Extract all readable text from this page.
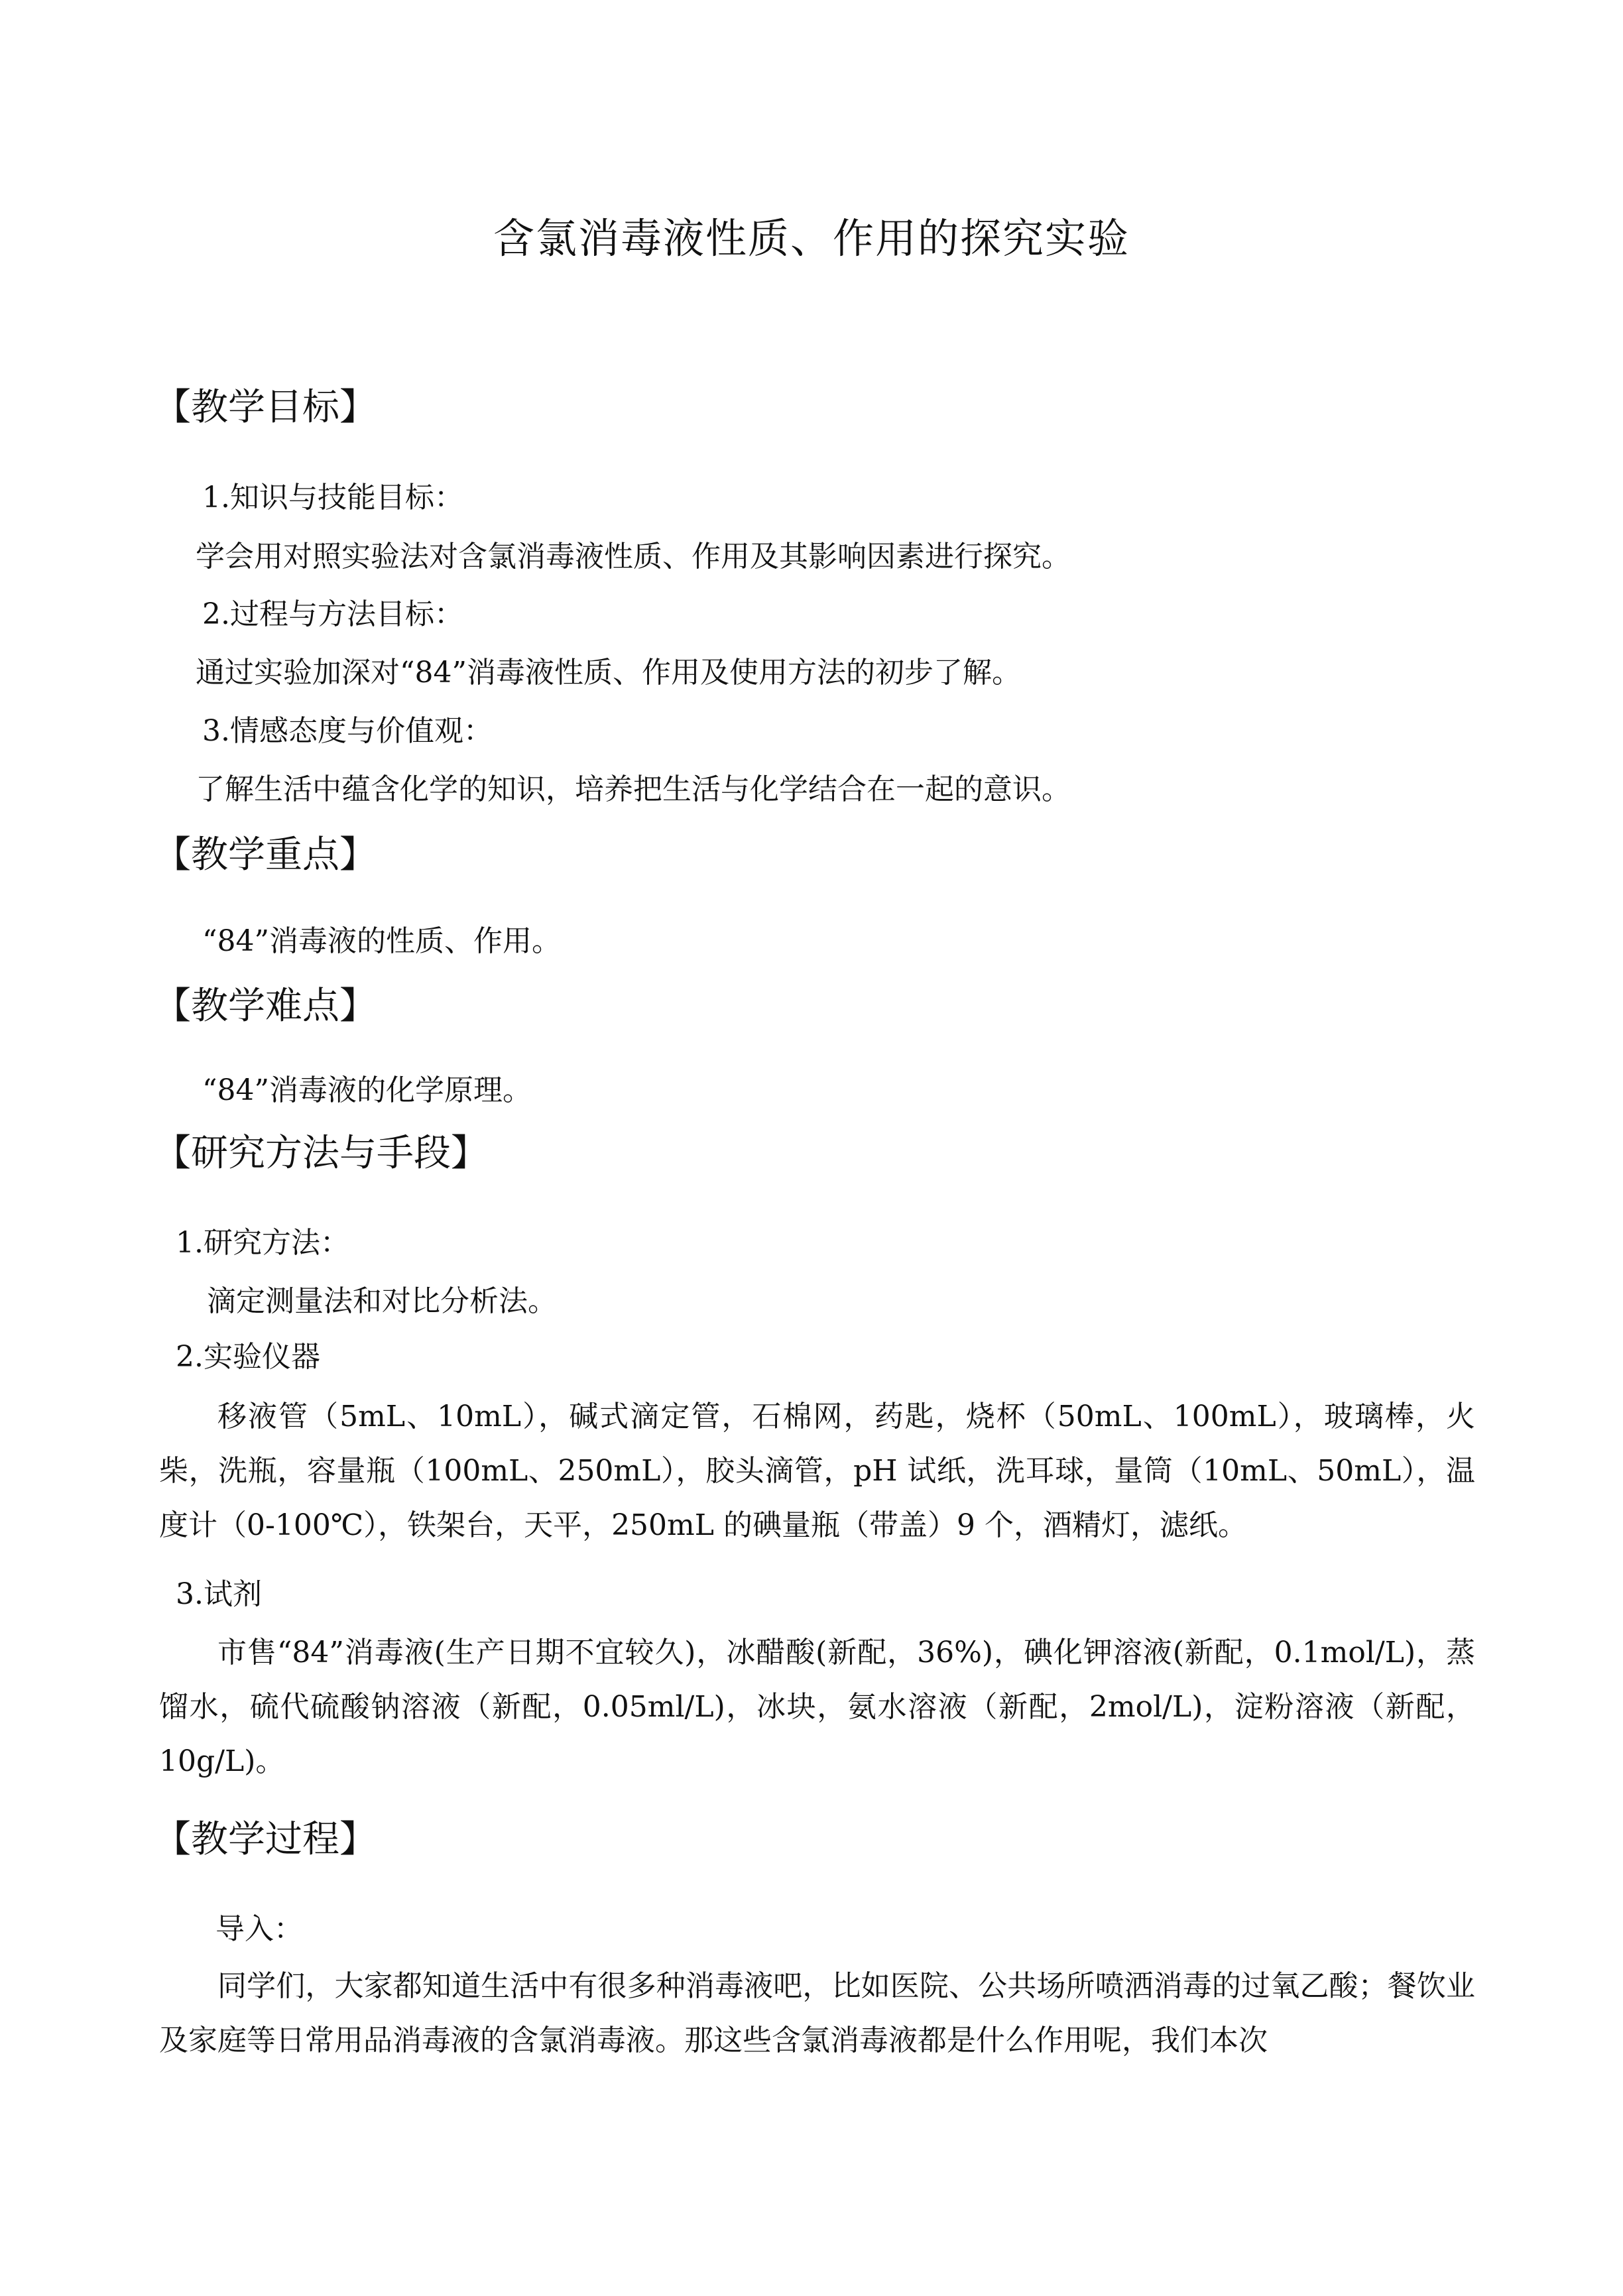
含氯消毒液性质、作用的探究实验
【教学目标】

1.知识与技能目标：

学会用对照实验法对含氯消毒液性质、作用及其影响因素进行探究。

2.过程与方法目标：

通过实验加深对“84”消毒液性质、作用及使用方法的初步了解。

3.情感态度与价值观：

了解生活中蕴含化学的知识，培养把生活与化学结合在一起的意识。

【教学重点】

“84”消毒液的性质、作用。

【教学难点】

“84”消毒液的化学原理。

【研究方法与手段】

1.研究方法：

滴定测量法和对比分析法。

2.实验仪器

移液管（5mL、10mL），碱式滴定管，石棉网，药匙，烧杯（50mL、100mL），玻璃棒，火柴，洗瓶，容量瓶（100mL、250mL），胶头滴管，pH 试纸，洗耳球，量筒（10mL、50mL），温度计（0-100℃），铁架台，天平，250mL 的碘量瓶（带盖）9 个，酒精灯，滤纸。

3.试剂

市售“84”消毒液(生产日期不宜较久)，冰醋酸(新配，36%)，碘化钾溶液(新配，0.1mol/L)，蒸馏水，硫代硫酸钠溶液（新配，0.05ml/L)，冰块，氨水溶液（新配，2mol/L)，淀粉溶液（新配，10g/L)。

【教学过程】

导入：

同学们，大家都知道生活中有很多种消毒液吧，比如医院、公共场所喷洒消毒的过氧乙酸；餐饮业及家庭等日常用品消毒液的含氯消毒液。那这些含氯消毒液都是什么作用呢，我们本次
